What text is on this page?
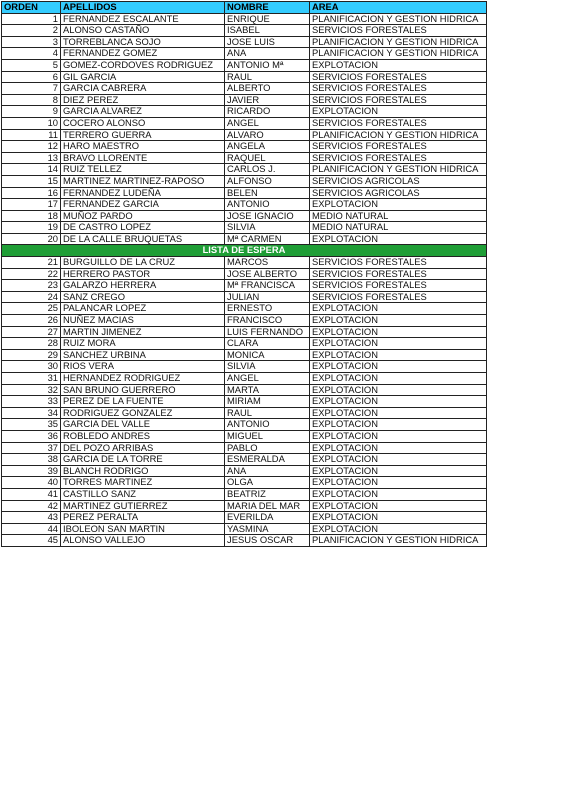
ORDEN	APELLIDOS	NOMBRE	AREA
1	FERNANDEZ ESCALANTE	ENRIQUE	PLANIFICACION Y GESTION HIDRICA
2	ALONSO CASTAÑO	ISABEL	SERVICIOS FORESTALES
3	TORREBLANCA SOJO	JOSE LUIS	PLANIFICACION Y GESTION HIDRICA
4	FERNANDEZ GOMEZ	ANA	PLANIFICACION Y GESTION HIDRICA
5	GOMEZ-CORDOVES RODRIGUEZ	ANTONIO Mª	EXPLOTACION
6	GIL GARCIA	RAUL	SERVICIOS FORESTALES
7	GARCIA CABRERA	ALBERTO	SERVICIOS FORESTALES
8	DIEZ PEREZ	JAVIER	SERVICIOS FORESTALES
9	GARCIA ALVAREZ	RICARDO	EXPLOTACION
10	COCERO ALONSO	ANGEL	SERVICIOS FORESTALES
11	TERRERO GUERRA	ALVARO	PLANIFICACION Y GESTION HIDRICA
12	HARO MAESTRO	ANGELA	SERVICIOS FORESTALES
13	BRAVO LLORENTE	RAQUEL	SERVICIOS FORESTALES
14	RUIZ TELLEZ	CARLOS J.	PLANIFICACION Y GESTION HIDRICA
15	MARTINEZ MARTINEZ-RAPOSO	ALFONSO	SERVICIOS AGRICOLAS
16	FERNANDEZ LUDEÑA	BELEN	SERVICIOS AGRICOLAS
17	FERNANDEZ GARCIA	ANTONIO	EXPLOTACION
18	MUÑOZ PARDO	JOSE IGNACIO	MEDIO NATURAL
19	DE CASTRO LOPEZ	SILVIA	MEDIO NATURAL
20	DE LA CALLE BRUQUETAS	Mª CARMEN	EXPLOTACION
LISTA DE ESPERA			
21	BURGUILLO DE LA CRUZ	MARCOS	SERVICIOS FORESTALES
22	HERRERO PASTOR	JOSE ALBERTO	SERVICIOS FORESTALES
23	GALARZO HERRERA	Mª FRANCISCA	SERVICIOS FORESTALES
24	SANZ CREGO	JULIAN	SERVICIOS FORESTALES
25	PALANCAR LOPEZ	ERNESTO	EXPLOTACION
26	NUÑEZ MACIAS	FRANCISCO	EXPLOTACION
27	MARTIN JIMENEZ	LUIS FERNANDO	EXPLOTACION
28	RUIZ MORA	CLARA	EXPLOTACION
29	SANCHEZ URBINA	MONICA	EXPLOTACION
30	RIOS VERA	SILVIA	EXPLOTACION
31	HERNANDEZ RODRIGUEZ	ANGEL	EXPLOTACION
32	SAN BRUNO GUERRERO	MARTA	EXPLOTACION
33	PEREZ DE LA FUENTE	MIRIAM	EXPLOTACION
34	RODRIGUEZ GONZALEZ	RAUL	EXPLOTACION
35	GARCIA DEL VALLE	ANTONIO	EXPLOTACION
36	ROBLEDO ANDRES	MIGUEL	EXPLOTACION
37	DEL POZO ARRIBAS	PABLO	EXPLOTACION
38	GARCIA DE LA TORRE	ESMERALDA	EXPLOTACION
39	BLANCH RODRIGO	ANA	EXPLOTACION
40	TORRES MARTINEZ	OLGA	EXPLOTACION
41	CASTILLO SANZ	BEATRIZ	EXPLOTACION
42	MARTINEZ GUTIERREZ	MARIA DEL MAR	EXPLOTACION
43	PEREZ PERALTA	EVERILDA	EXPLOTACION
44	IBOLEON SAN MARTIN	YASMINA	EXPLOTACION
45	ALONSO VALLEJO	JESUS OSCAR	PLANIFICACION Y GESTION HIDRICA
